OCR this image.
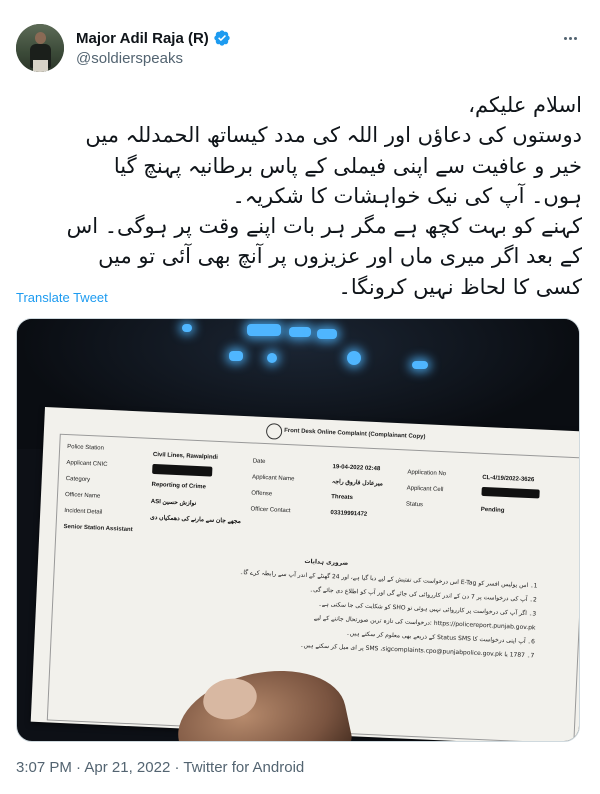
Major Adil Raja (R)
@soldierspeaks
اسلام علیکم،
دوستوں کی دعاؤں اور اللہ کی مدد کیساتھ الحمدللہ میں
خیر و عافیت سے اپنی فیملی کے پاس برطانیہ پہنچ گیا
ہوں۔ آپ کی نیک خواہشات کا شکریہ۔
کہنے کو بہت کچھ ہے مگر ہر بات اپنے وقت پر ہوگی۔ اس
کے بعد اگر میری ماں اور عزیزوں پر آنچ بھی آئی تو میں
کسی کا لحاظ نہیں کرونگا۔
Translate Tweet
Front Desk Online Complaint (Complainant Copy)
Police Station
Civil Lines, Rawalpindi
Date
19-04-2022 02:48
Application No
CL-4/19/2022-3626
Applicant CNIC
Applicant Name
میرعادل فاروق راجہ
Applicant Cell
Category
Reporting of Crime
Offense
Threats
Status
Pending
Officer Name
ASI نوازش حسین
Officer Contact	03319991472
Incident Detail
مجھے جان سے مارنے کی دھمکیاں دی
Senior Station Assistant
ضروری ہدایات
1۔ اس پولیس افسر کو E-Tag اس درخواست کی تفتیش کے لیے دیا گیا ہے، اور 24 گھنٹے کے اندر آپ سے رابطہ کرے گا۔
2۔ آپ کی درخواست پر 7 دن کے اندر کارروائی کی جائے گی اور آپ کو اطلاع دی جائے گی۔
3۔ اگر آپ کی درخواست پر کارروائی نہیں ہوئی تو SHO کو شکایت کی جا سکتی ہے۔
https://policereport.punjab.gov.pk :درخواست کی تازہ ترین صورتحال جاننے کے لیے
6۔ آپ اپنی درخواست کا Status SMS کے ذریعے بھی معلوم کر سکتے ہیں۔
7۔ 1787 یا SMS ،sigcomplaints.cpo@punjabpolice.gov.pk پر ای میل کر سکتے ہیں۔
3:07 PM · Apr 21, 2022 · Twitter for Android
